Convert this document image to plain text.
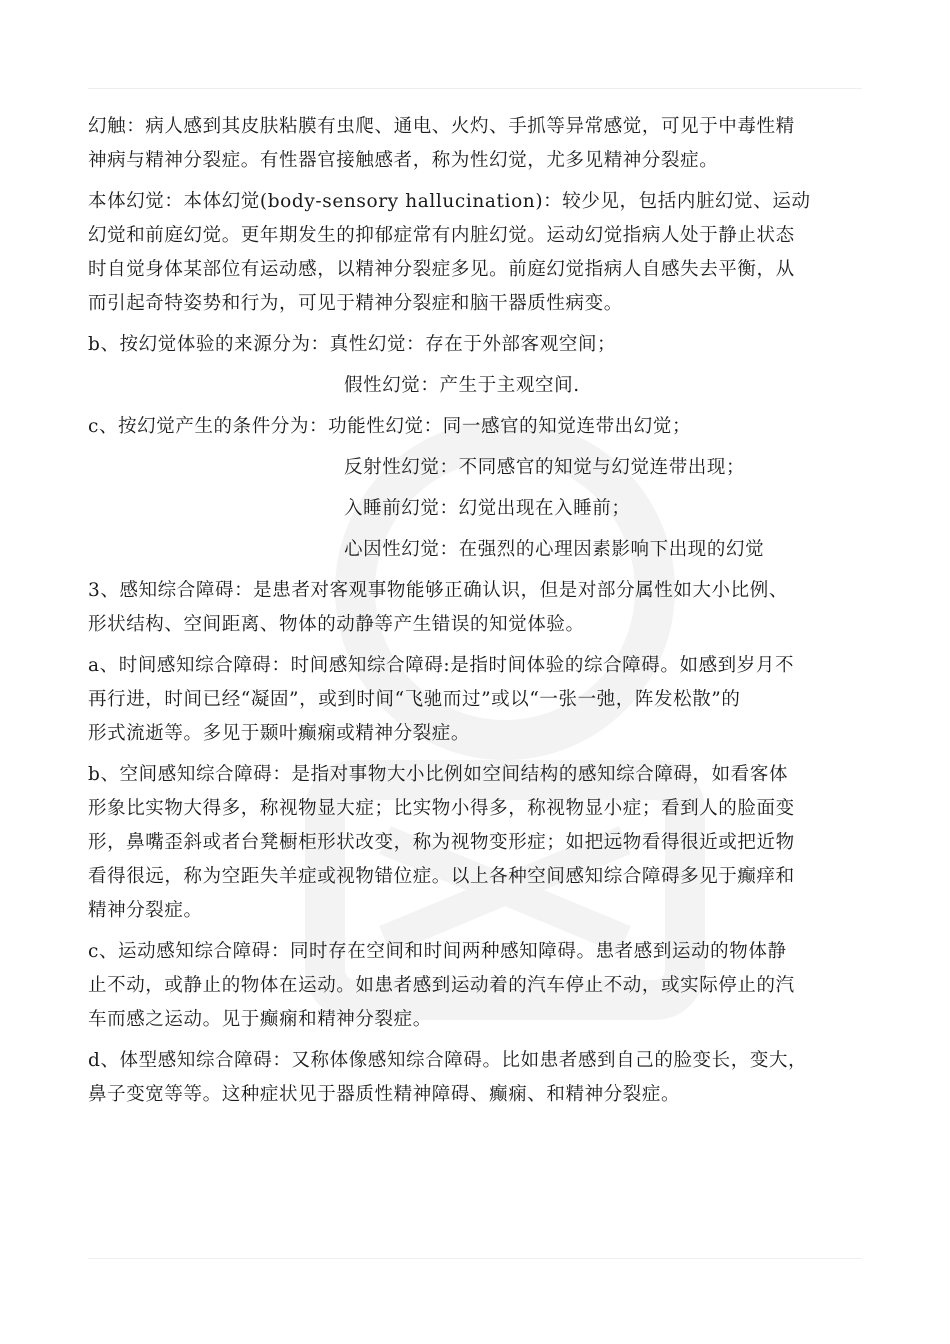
幻触：病人感到其皮肤粘膜有虫爬、通电、火灼、手抓等异常感觉，可见于中毒性精
神病与精神分裂症。有性器官接触感者，称为性幻觉，尤多见精神分裂症。
本体幻觉：本体幻觉(body-sensory hallucination)：较少见，包括内脏幻觉、运动
幻觉和前庭幻觉。更年期发生的抑郁症常有内脏幻觉。运动幻觉指病人处于静止状态
时自觉身体某部位有运动感，以精神分裂症多见。前庭幻觉指病人自感失去平衡，从
而引起奇特姿势和行为，可见于精神分裂症和脑干器质性病变。
b、按幻觉体验的来源分为：真性幻觉：存在于外部客观空间；
假性幻觉：产生于主观空间.
c、按幻觉产生的条件分为：功能性幻觉：同一感官的知觉连带出幻觉；
反射性幻觉：不同感官的知觉与幻觉连带出现；
入睡前幻觉：幻觉出现在入睡前；
心因性幻觉：在强烈的心理因素影响下出现的幻觉
3、感知综合障碍：是患者对客观事物能够正确认识，但是对部分属性如大小比例、
形状结构、空间距离、物体的动静等产生错误的知觉体验。
a、时间感知综合障碍：时间感知综合障碍:是指时间体验的综合障碍。如感到岁月不
再行进，时间已经“凝固”，或到时间“飞驰而过”或以“一张一弛，阵发松散”的
形式流逝等。多见于颞叶癫痫或精神分裂症。
b、空间感知综合障碍：是指对事物大小比例如空间结构的感知综合障碍，如看客体
形象比实物大得多，称视物显大症；比实物小得多，称视物显小症；看到人的脸面变
形，鼻嘴歪斜或者台凳橱柜形状改变，称为视物变形症；如把远物看得很近或把近物
看得很远，称为空距失羊症或视物错位症。以上各种空间感知综合障碍多见于癫痒和
精神分裂症。
c、运动感知综合障碍：同时存在空间和时间两种感知障碍。患者感到运动的物体静
止不动，或静止的物体在运动。如患者感到运动着的汽车停止不动，或实际停止的汽
车而感之运动。见于癫痫和精神分裂症。
d、体型感知综合障碍：又称体像感知综合障碍。比如患者感到自己的脸变长，变大，
鼻子变宽等等。这种症状见于器质性精神障碍、癫痫、和精神分裂症。
